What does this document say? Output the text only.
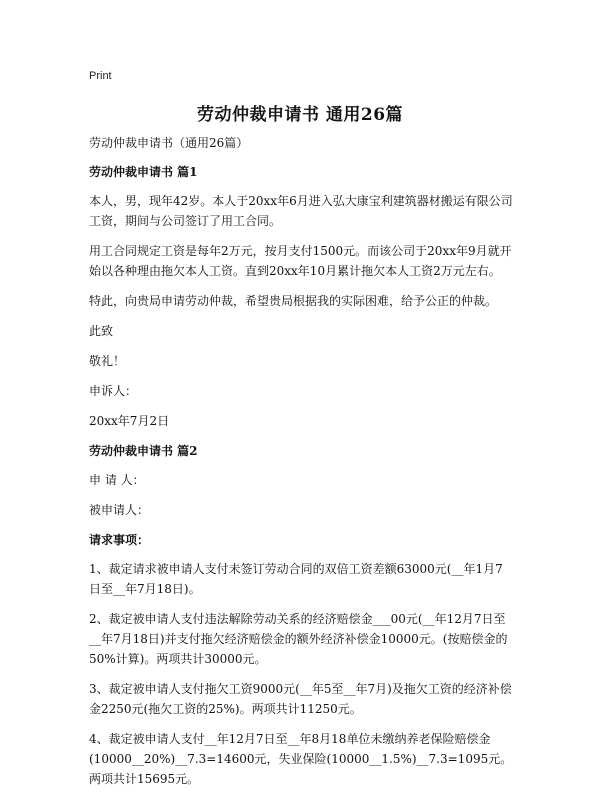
Print
劳动仲裁申请书 通用26篇

劳动仲裁申请书（通用26篇）

劳动仲裁申请书 篇1

本人，男，现年42岁。本人于20xx年6月进入弘大康宝利建筑器材搬运有限公司工资，期间与公司签订了用工合同。

用工合同规定工资是每年2万元，按月支付1500元。而该公司于20xx年9月就开始以各种理由拖欠本人工资。直到20xx年10月累计拖欠本人工资2万元左右。

特此，向贵局申请劳动仲裁，希望贵局根据我的实际困难，给予公正的仲裁。

此致

敬礼！

申诉人：

20xx年7月2日

劳动仲裁申请书 篇2

申 请 人：

被申请人：

请求事项：

1、裁定请求被申请人支付未签订劳动合同的双倍工资差额63000元(__年1月7日至__年7月18日)。

2、裁定被申请人支付违法解除劳动关系的经济赔偿金___00元(__年12月7日至__年7月18日)并支付拖欠经济赔偿金的额外经济补偿金10000元。(按赔偿金的50%计算)。两项共计30000元。

3、裁定被申请人支付拖欠工资9000元(__年5至__年7月)及拖欠工资的经济补偿金2250元(拖欠工资的25%)。两项共计11250元。

4、裁定被申请人支付__年12月7日至__年8月18单位未缴纳养老保险赔偿金(10000__20%)__7.3=14600元，失业保险(10000__1.5%)__7.3=1095元。两项共计15695元。
